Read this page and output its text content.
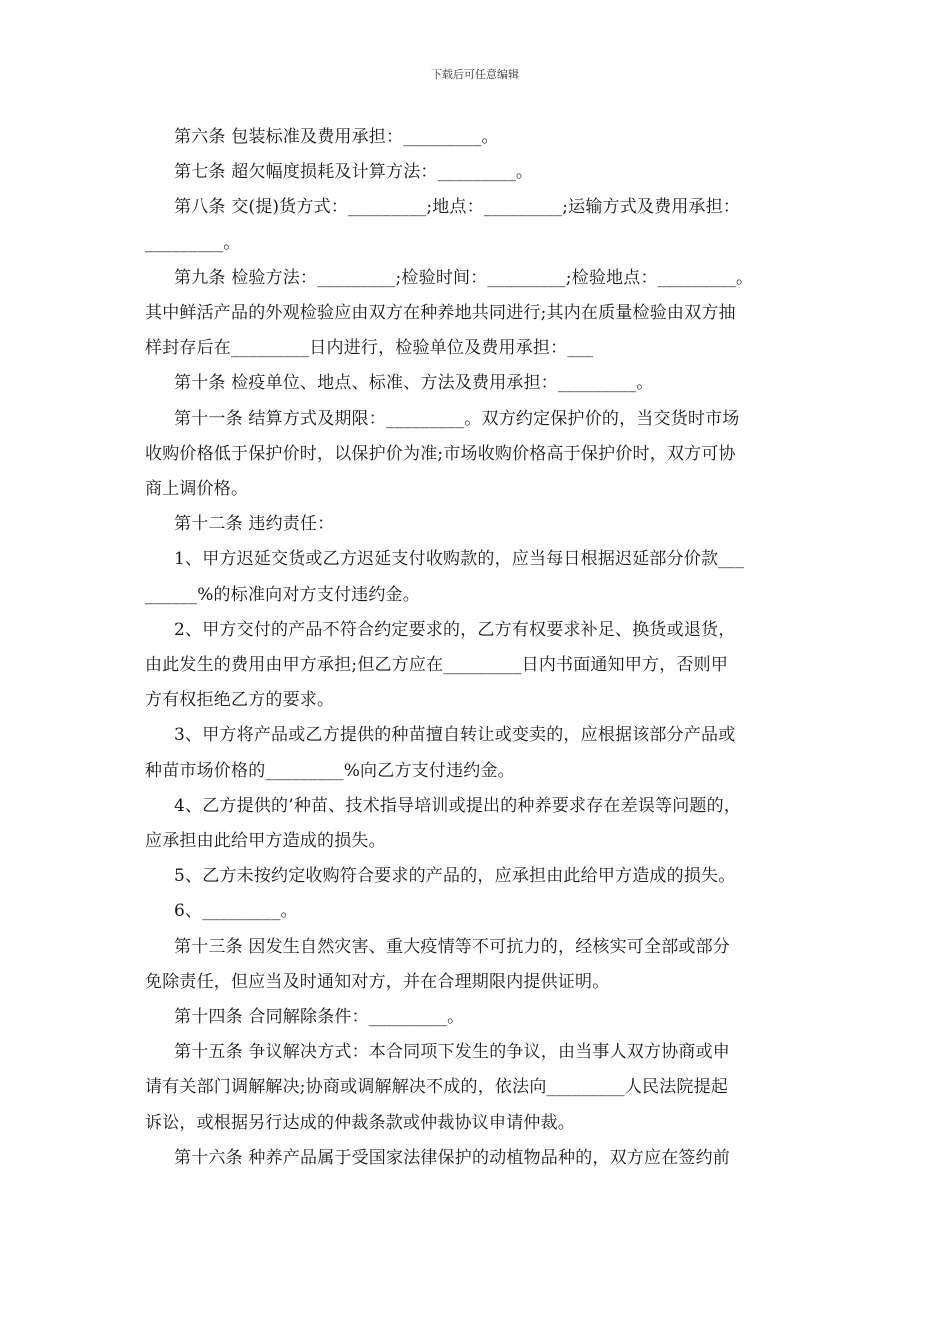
下载后可任意编辑

第六条 包装标准及费用承担：_________。

第七条 超欠幅度损耗及计算方法：_________。

第八条 交(提)货方式：_________;地点：_________;运输方式及费用承担：

_________。

第九条 检验方法：_________;检验时间：_________;检验地点：_________。

其中鲜活产品的外观检验应由双方在种养地共同进行;其内在质量检验由双方抽

样封存后在_________日内进行，检验单位及费用承担：___

第十条 检疫单位、地点、标准、方法及费用承担：_________。

第十一条 结算方式及期限：_________。双方约定保护价的，当交货时市场

收购价格低于保护价时，以保护价为准;市场收购价格高于保护价时，双方可协

商上调价格。

第十二条 违约责任：

1、甲方迟延交货或乙方迟延支付收购款的，应当每日根据迟延部分价款___

______%的标准向对方支付违约金。

2、甲方交付的产品不符合约定要求的，乙方有权要求补足、换货或退货，

由此发生的费用由甲方承担;但乙方应在_________日内书面通知甲方，否则甲

方有权拒绝乙方的要求。

3、甲方将产品或乙方提供的种苗擅自转让或变卖的，应根据该部分产品或

种苗市场价格的_________%向乙方支付违约金。

4、乙方提供的’种苗、技术指导培训或提出的种养要求存在差误等问题的，

应承担由此给甲方造成的损失。

5、乙方未按约定收购符合要求的产品的，应承担由此给甲方造成的损失。

6、_________。

第十三条 因发生自然灾害、重大疫情等不可抗力的，经核实可全部或部分

免除责任，但应当及时通知对方，并在合理期限内提供证明。

第十四条 合同解除条件：_________。

第十五条 争议解决方式：本合同项下发生的争议，由当事人双方协商或申

请有关部门调解解决;协商或调解解决不成的，依法向_________人民法院提起

诉讼，或根据另行达成的仲裁条款或仲裁协议申请仲裁。

第十六条 种养产品属于受国家法律保护的动植物品种的，双方应在签约前
